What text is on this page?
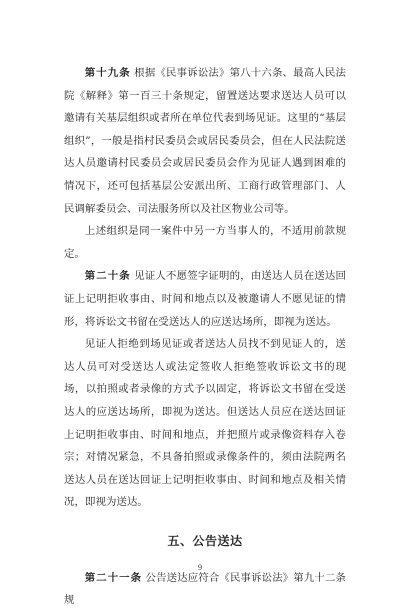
第十九条 根据《民事诉讼法》第八十六条、最高人民法院《解释》第一百三十条规定，留置送达要求送达人员可以邀请有关基层组织或者所在单位代表到场见证。这里的“基层组织”，一般是指村民委员会或居民委员会，但在人民法院送达人员邀请村民委员会或居民委员会作为见证人遇到困难的情况下，还可包括基层公安派出所、工商行政管理部门、人民调解委员会、司法服务所以及社区物业公司等。

上述组织是同一案件中另一方当事人的，不适用前款规定。

第二十条 见证人不愿签字证明的，由送达人员在送达回证上记明拒收事由、时间和地点以及被邀请人不愿见证的情形，将诉讼文书留在受送达人的应送达场所，即视为送达。

见证人拒绝到场见证或者送达人员找不到见证人的，送达人员可对受送达人或法定签收人拒绝签收诉讼文书的现场，以拍照或者录像的方式予以固定，将诉讼文书留在受送达人的应送达场所，即视为送达。但送达人员应在送达回证上记明拒收事由、时间和地点，并把照片或录像资料存入卷宗；对情况紧急，不具备拍照或录像条件的，须由法院两名送达人员在送达回证上记明拒收事由、时间和地点及相关情况，即视为送达。

五、公告送达

第二十一条 公告送达应符合《民事诉讼法》第九十二条规

9
